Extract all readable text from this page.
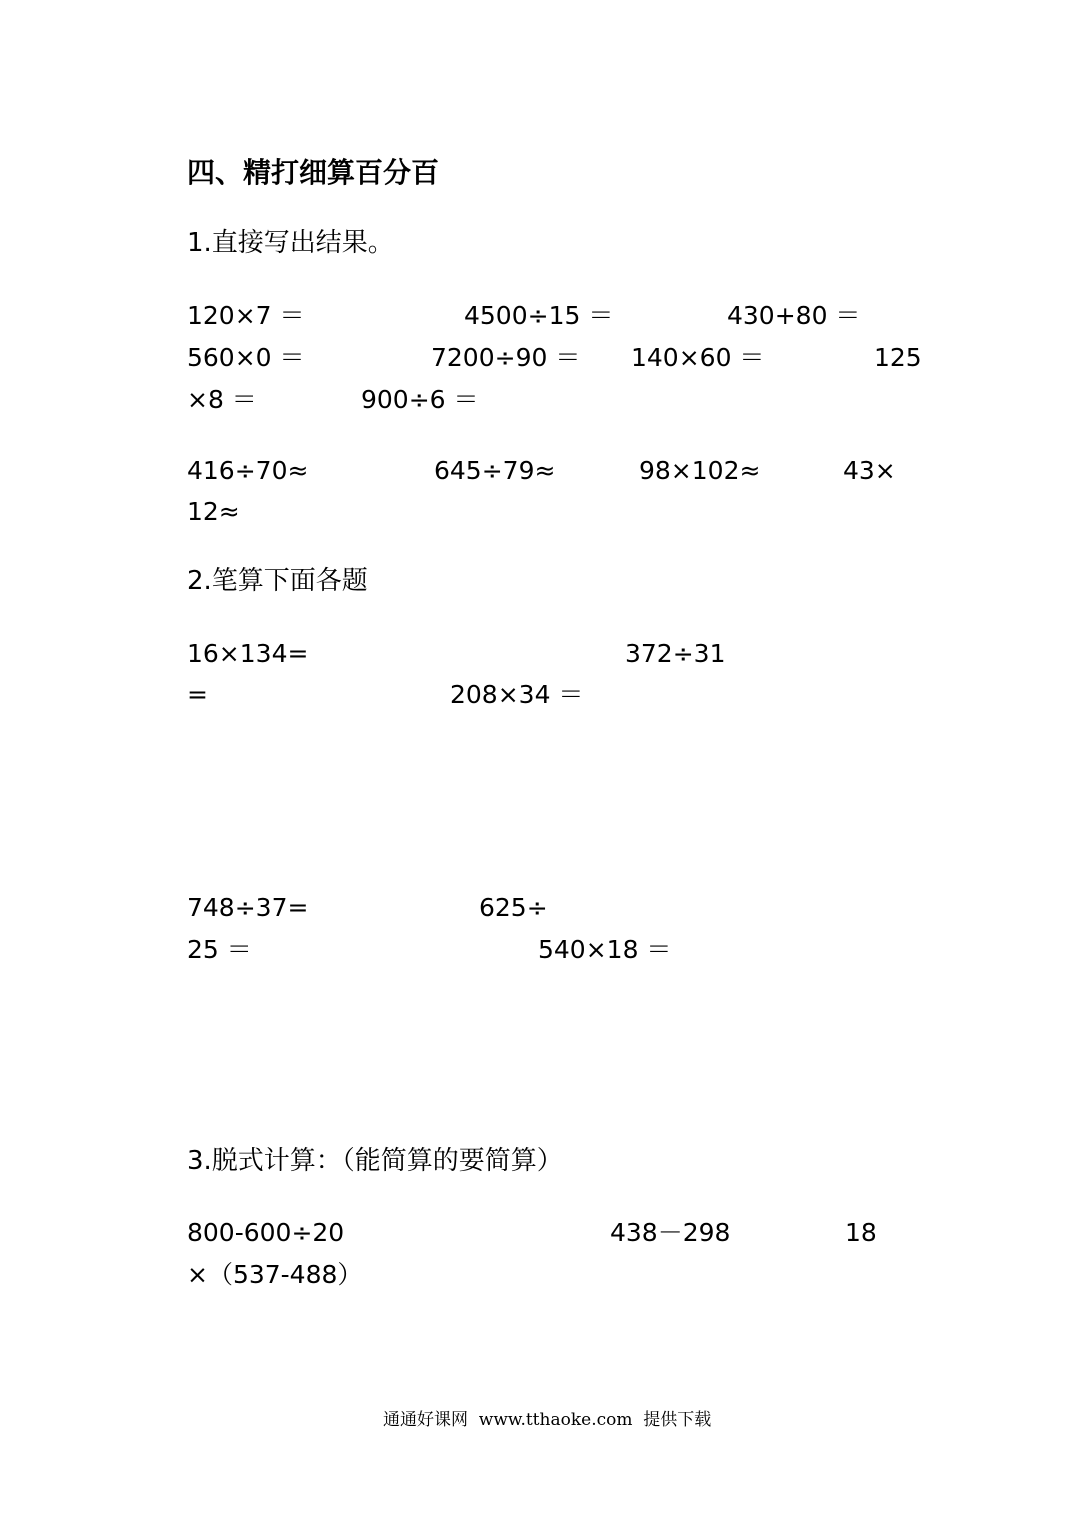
四、精打细算百分百
1.直接写出结果。
120×7 ＝	4500÷15 ＝	430+80 ＝
560×0 ＝	7200÷90 ＝ 140×60 ＝	125
×8 ＝	900÷6 ＝
416÷70≈	645÷79≈	98×102≈	43×
12≈
2.笔算下面各题
16×134=	372÷31
=	208×34 ＝
748÷37=	625÷
25 ＝	540×18 ＝
3.脱式计算：（能简算的要简算）
800-600÷20	438－298	18
×（537-488）
通通好课网  www.tthaoke.com  提供下载
